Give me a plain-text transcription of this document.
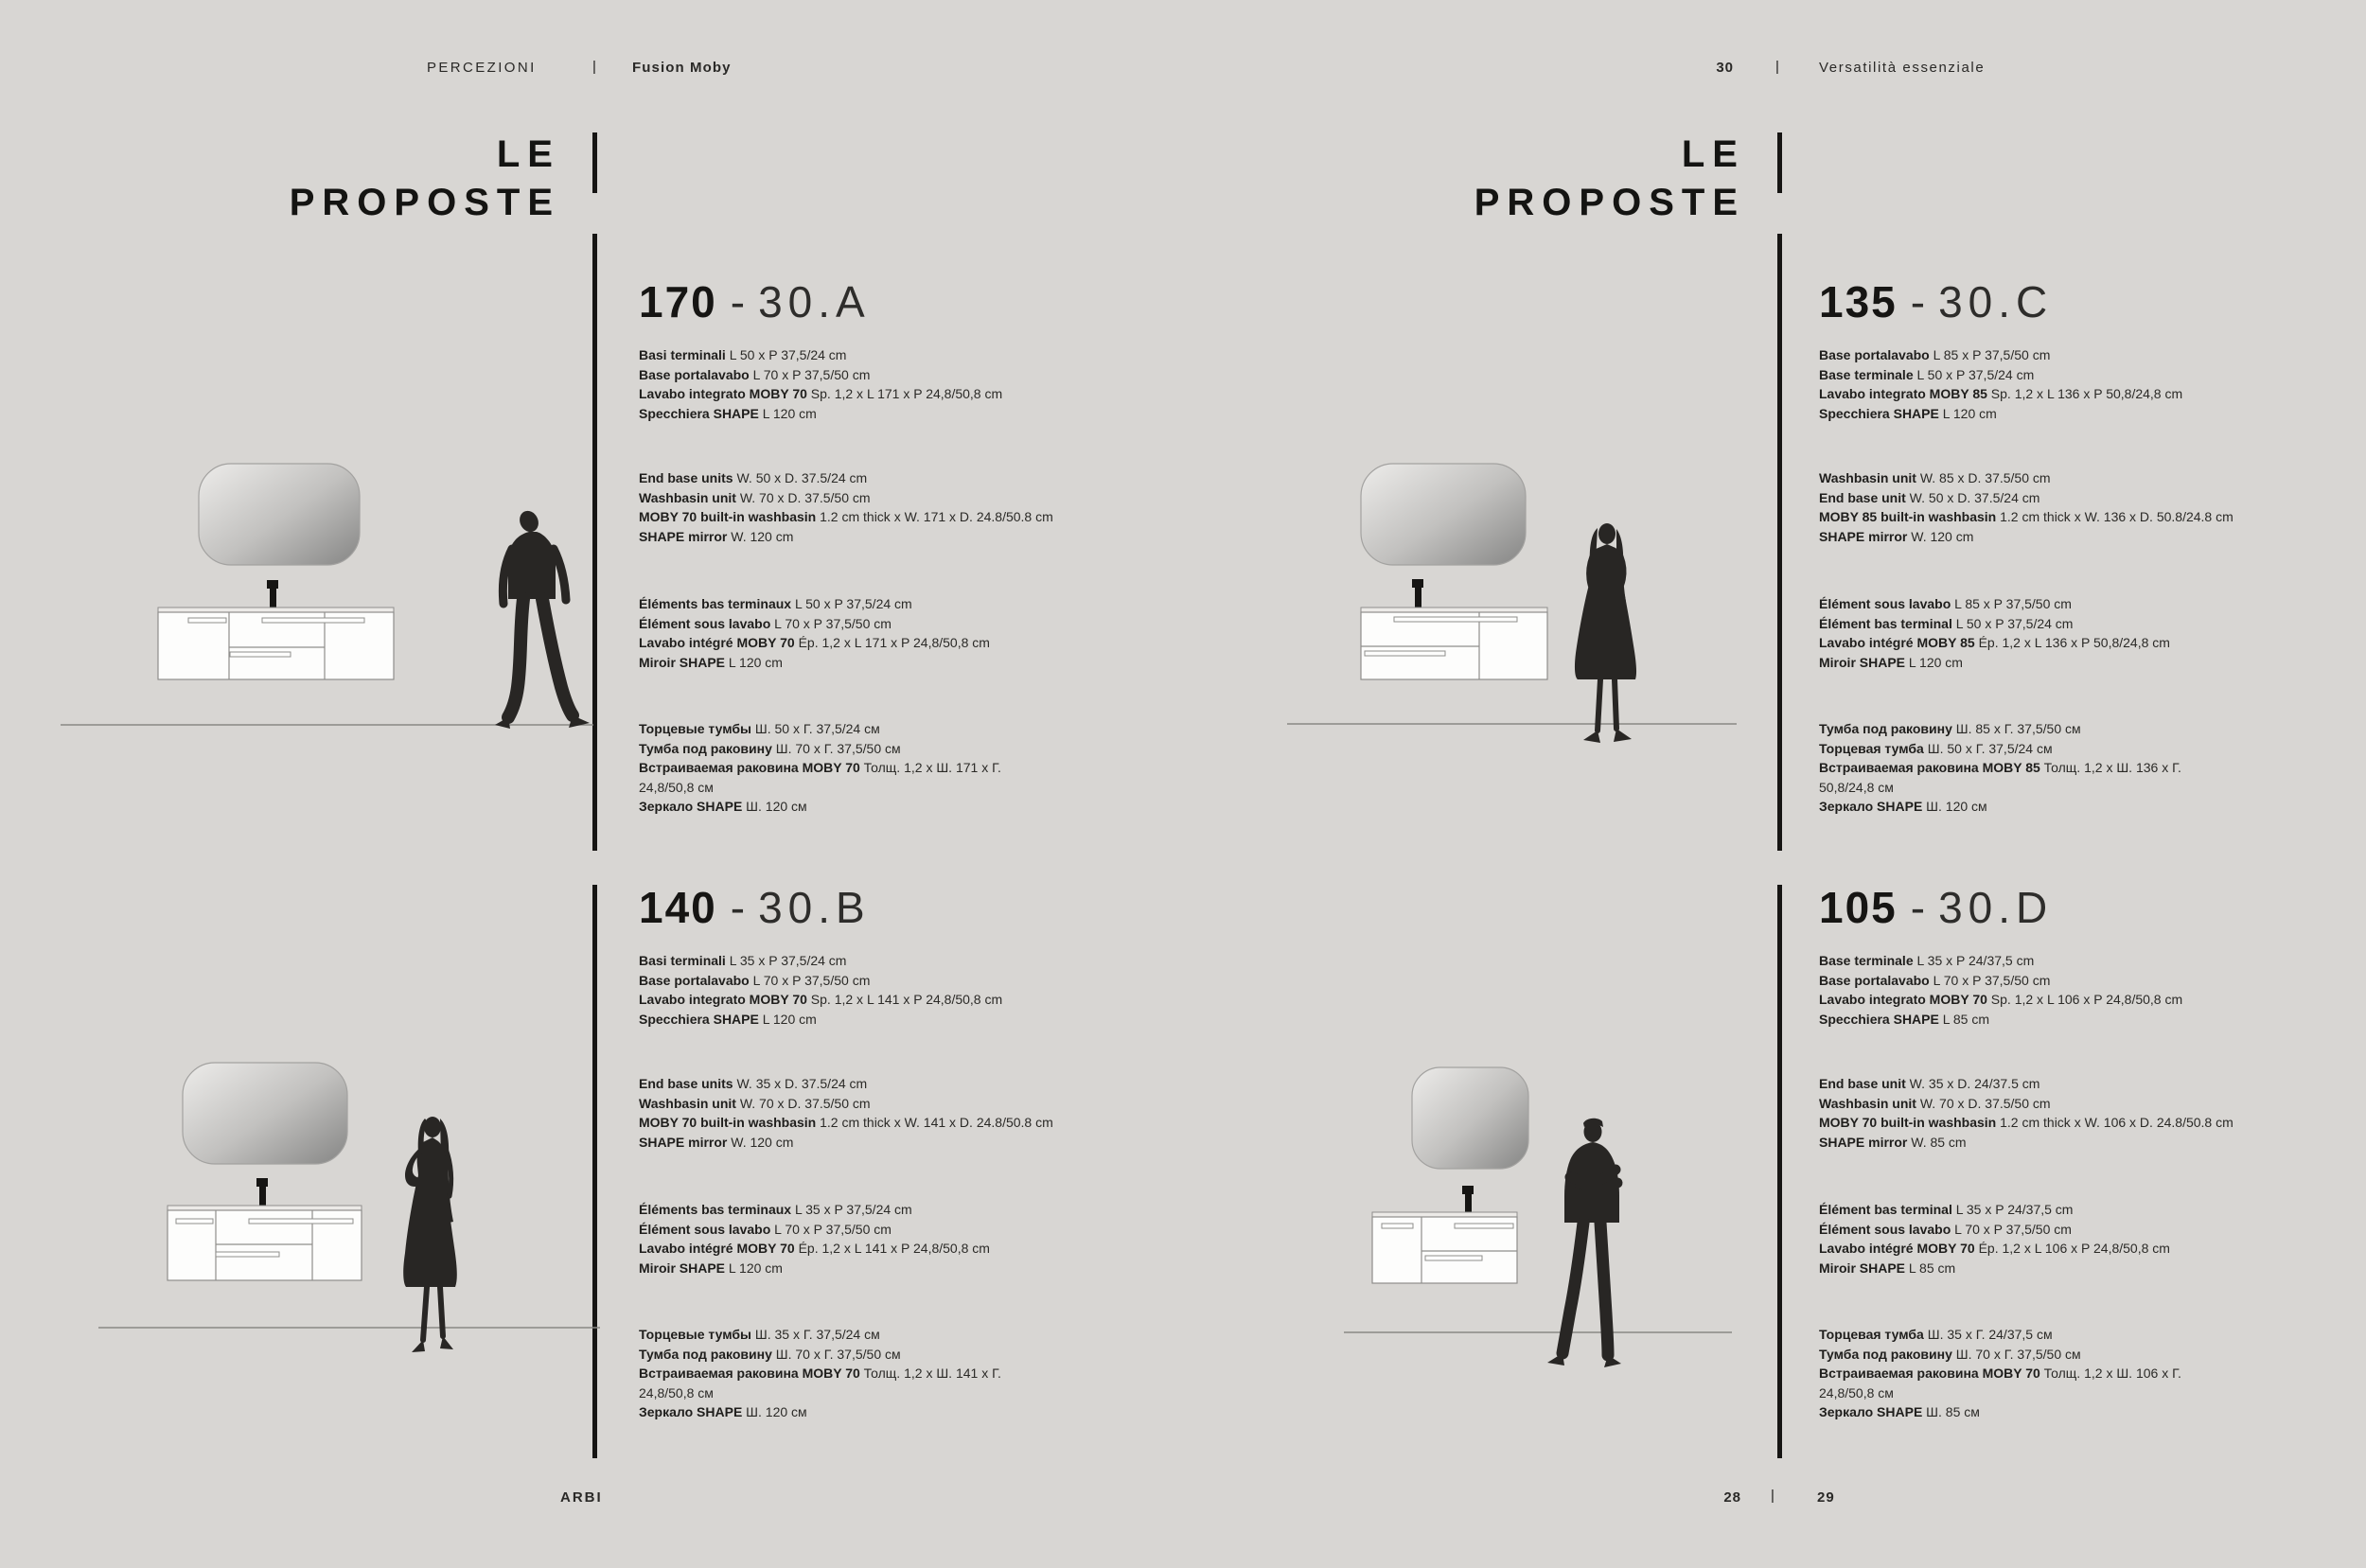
PERCEZIONI	|	Fusion Moby	30	|	Versatilità essenziale
LE
PROPOSTE
LE
PROPOSTE
170 - 30.A
Basi terminali L 50 x P 37,5/24 cm
Base portalavabo L 70 x P 37,5/50 cm
Lavabo integrato MOBY 70 Sp. 1,2 x L 171 x P 24,8/50,8 cm
Specchiera SHAPE L 120 cm
End base units W. 50 x D. 37.5/24 cm
Washbasin unit W. 70 x D. 37.5/50 cm
MOBY 70 built-in washbasin 1.2 cm thick x W. 171 x D. 24.8/50.8 cm
SHAPE mirror W. 120 cm
Éléments bas terminaux L 50 x P 37,5/24 cm
Élément sous lavabo L 70 x P 37,5/50 cm
Lavabo intégré MOBY 70 Ép. 1,2 x L 171 x P 24,8/50,8 cm
Miroir SHAPE L 120 cm
Торцевые тумбы Ш. 50 х Г. 37,5/24 см
Тумба под раковину Ш. 70 х Г. 37,5/50 см
Встраиваемая раковина MOBY 70 Толщ. 1,2 х Ш. 171 х Г. 24,8/50,8 см
Зеркало SHAPE Ш. 120 см
135 - 30.C
Base portalavabo L 85 x P 37,5/50 cm
Base terminale L 50 x P 37,5/24 cm
Lavabo integrato MOBY 85 Sp. 1,2 x L 136 x P 50,8/24,8 cm
Specchiera SHAPE L 120 cm
Washbasin unit W. 85 x D. 37.5/50 cm
End base unit W. 50 x D. 37.5/24 cm
MOBY 85 built-in washbasin 1.2 cm thick x W. 136 x D. 50.8/24.8 cm
SHAPE mirror W. 120 cm
Élément sous lavabo L 85 x P 37,5/50 cm
Élément bas terminal L 50 x P 37,5/24 cm
Lavabo intégré MOBY 85 Ép. 1,2 x L 136 x P 50,8/24,8 cm
Miroir SHAPE L 120 cm
Тумба под раковину Ш. 85 х Г. 37,5/50 см
Торцевая тумба Ш. 50 х Г. 37,5/24 см
Встраиваемая раковина MOBY 85 Толщ. 1,2 х Ш. 136 х Г. 50,8/24,8 см
Зеркало SHAPE Ш. 120 см
140 - 30.B
Basi terminali L 35 x P 37,5/24 cm
Base portalavabo L 70 x P 37,5/50 cm
Lavabo integrato MOBY 70 Sp. 1,2 x L 141 x P 24,8/50,8 cm
Specchiera SHAPE L 120 cm
End base units W. 35 x D. 37.5/24 cm
Washbasin unit W. 70 x D. 37.5/50 cm
MOBY 70 built-in washbasin 1.2 cm thick x W. 141 x D. 24.8/50.8 cm
SHAPE mirror W. 120 cm
Éléments bas terminaux L 35 x P 37,5/24 cm
Élément sous lavabo L 70 x P 37,5/50 cm
Lavabo intégré MOBY 70 Ép. 1,2 x L 141 x P 24,8/50,8 cm
Miroir SHAPE L 120 cm
Торцевые тумбы Ш. 35 х Г. 37,5/24 см
Тумба под раковину Ш. 70 х Г. 37,5/50 см
Встраиваемая раковина MOBY 70 Толщ. 1,2 х Ш. 141 х Г. 24,8/50,8 см
Зеркало SHAPE Ш. 120 см
105 - 30.D
Base terminale L 35 x P 24/37,5 cm
Base portalavabo L 70 x P 37,5/50 cm
Lavabo integrato MOBY 70 Sp. 1,2 x L 106 x P 24,8/50,8 cm
Specchiera SHAPE L 85 cm
End base unit W. 35 x D. 24/37.5 cm
Washbasin unit W. 70 x D. 37.5/50 cm
MOBY 70 built-in washbasin 1.2 cm thick x W. 106 x D. 24.8/50.8 cm
SHAPE mirror W. 85 cm
Élément bas terminal L 35 x P 24/37,5 cm
Élément sous lavabo L 70 x P 37,5/50 cm
Lavabo intégré MOBY 70 Ép. 1,2 x L 106 x P 24,8/50,8 cm
Miroir SHAPE L 85 cm
Торцевая тумба Ш. 35 х Г. 24/37,5 см
Тумба под раковину Ш. 70 х Г. 37,5/50 см
Встраиваемая раковина MOBY 70 Толщ. 1,2 х Ш. 106 х Г. 24,8/50,8 см
Зеркало SHAPE Ш. 85 см
ARBI	28 |	29
